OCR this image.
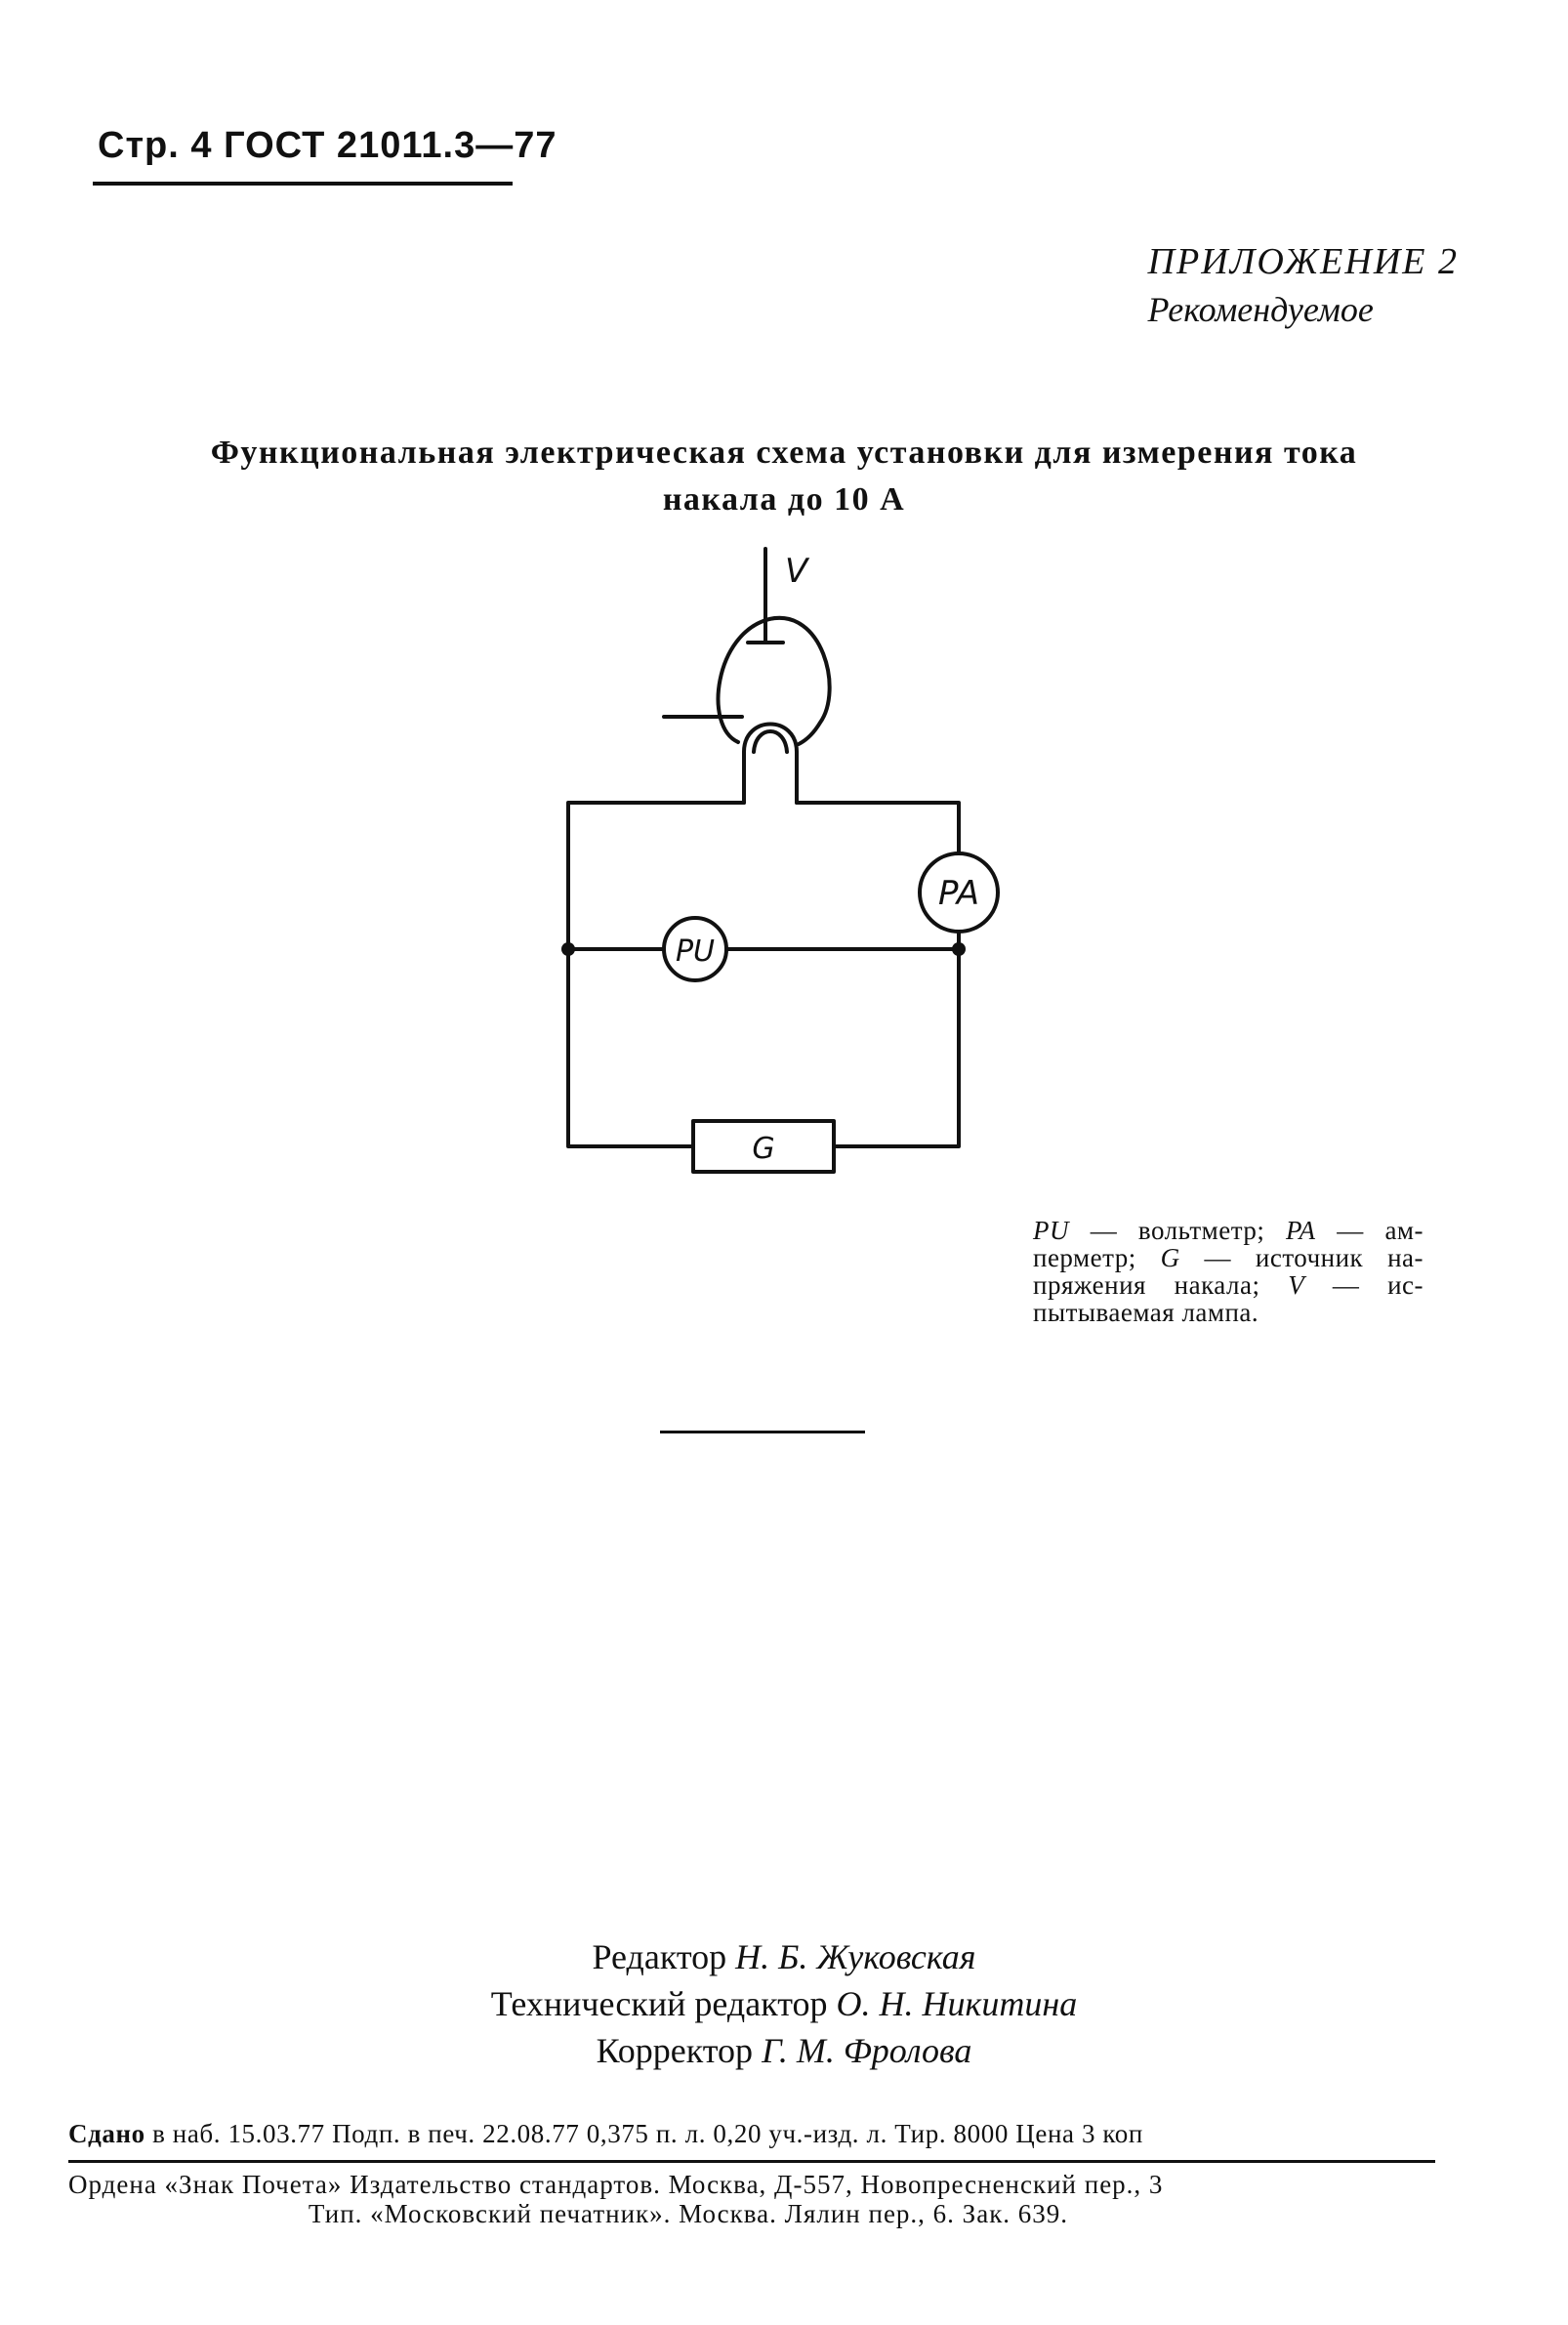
Стр. 4 ГОСТ 21011.3—77
ПРИЛОЖЕНИЕ 2
Рекомендуемое
Функциональная электрическая схема установки для измерения тока
накала до 10 А
V
PA
PU
G
PU — вольтметр; PA — ам-перметр; G — источник на-пряжения накала; V — ис-пытываемая лампа.
Редактор Н. Б. Жуковская
Технический редактор О. Н. Никитина
Корректор Г. М. Фролова
Сдано в наб. 15.03.77 Подп. в печ. 22.08.77 0,375 п. л. 0,20 уч.-изд. л. Тир. 8000 Цена 3 коп
Ордена «Знак Почета» Издательство стандартов. Москва, Д-557, Новопресненский пер., 3
Тип. «Московский печатник». Москва. Лялин пер., 6. Зак. 639.
